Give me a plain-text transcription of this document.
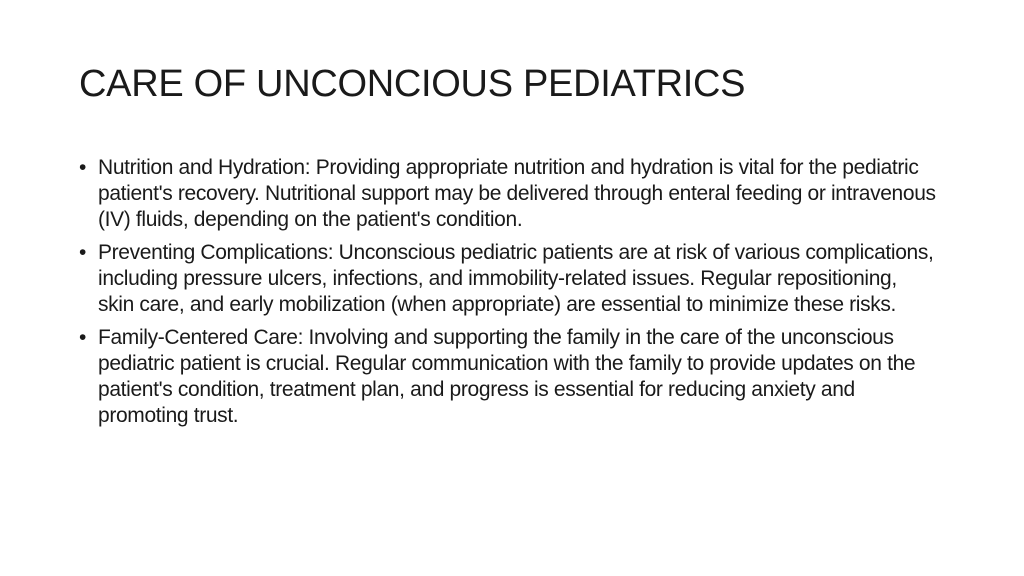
CARE OF UNCONCIOUS PEDIATRICS
• Nutrition and Hydration: Providing appropriate nutrition and hydration is vital for the pediatric patient's recovery. Nutritional support may be delivered through enteral feeding or intravenous (IV) fluids, depending on the patient's condition.
• Preventing Complications: Unconscious pediatric patients are at risk of various complications, including pressure ulcers, infections, and immobility-related issues. Regular repositioning, skin care, and early mobilization (when appropriate) are essential to minimize these risks.
• Family-Centered Care: Involving and supporting the family in the care of the unconscious pediatric patient is crucial. Regular communication with the family to provide updates on the patient's condition, treatment plan, and progress is essential for reducing anxiety and promoting trust.
